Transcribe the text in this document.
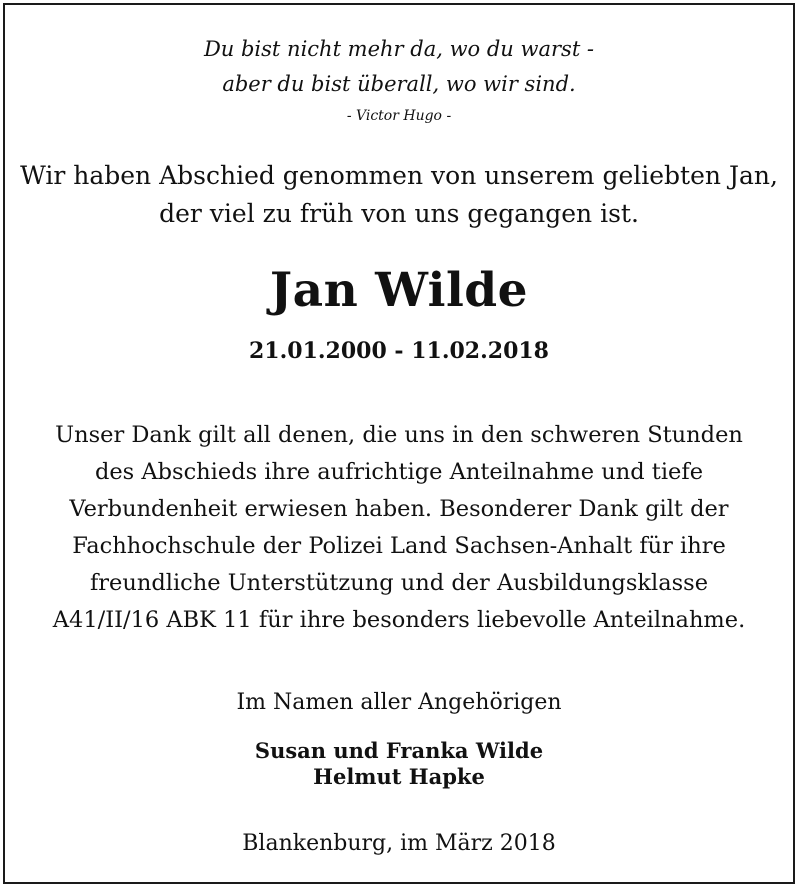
Du bist nicht mehr da, wo du warst -
aber du bist überall, wo wir sind.
- Victor Hugo -
Wir haben Abschied genommen von unserem geliebten Jan,
der viel zu früh von uns gegangen ist.
Jan Wilde
21.01.2000 - 11.02.2018
Unser Dank gilt all denen, die uns in den schweren Stunden
des Abschieds ihre aufrichtige Anteilnahme und tiefe
Verbundenheit erwiesen haben. Besonderer Dank gilt der
Fachhochschule der Polizei Land Sachsen-Anhalt für ihre
freundliche Unterstützung und der Ausbildungsklasse
A41/II/16 ABK 11 für ihre besonders liebevolle Anteilnahme.
Im Namen aller Angehörigen
Susan und Franka Wilde
Helmut Hapke
Blankenburg, im März 2018
